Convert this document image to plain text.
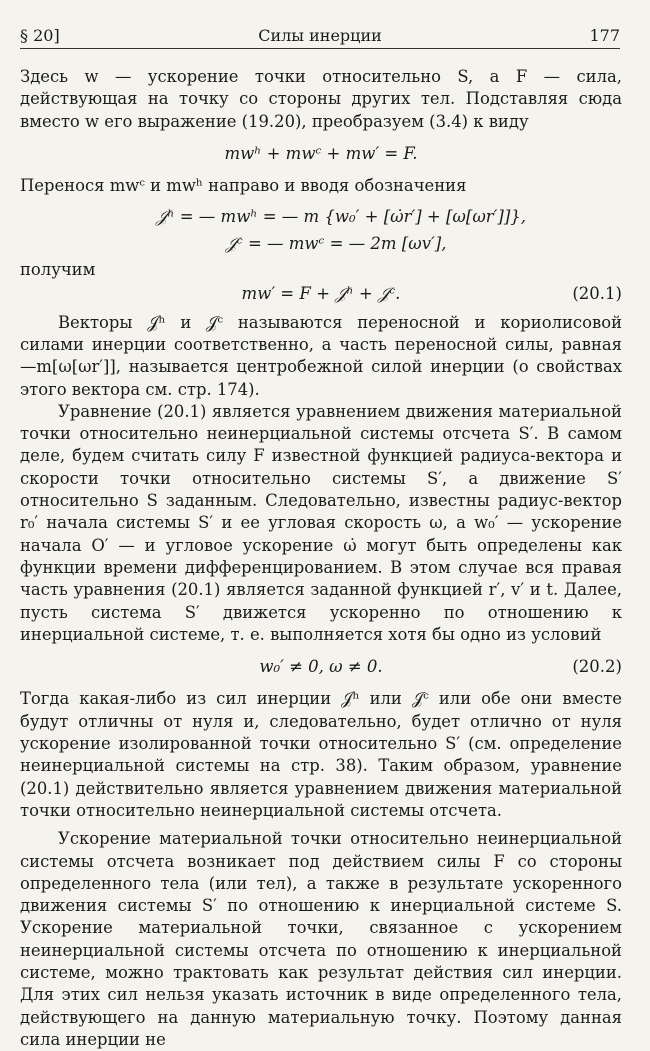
§ 20]	Силы инерции	177

Здесь w — ускорение точки относительно S, а F — сила, действующая на точку со стороны других тел. Подставляя сюда вместо w его выражение (19.20), преобразуем (3.4) к виду

mwʰ + mwᶜ + mw′ = F.

Перенося mwᶜ и mwʰ направо и вводя обозначения

𝒥ʰ = — mwʰ = — m {w₀′ + [ω̇r′] + [ω[ωr′]]},
𝒥ᶜ = — mwᶜ = — 2m [ωv′],

получим

mw′ = F + 𝒥ʰ + 𝒥ᶜ.	(20.1)

Векторы 𝒥ʰ и 𝒥ᶜ называются переносной и кориолисовой силами инерции соответственно, а часть переносной силы, равная —m[ω[ωr′]], называется центробежной силой инерции (о свойствах этого вектора см. стр. 174).

Уравнение (20.1) является уравнением движения материальной точки относительно неинерциальной системы отсчета S′. В самом деле, будем считать силу F известной функцией радиуса-вектора и скорости точки относительно системы S′, а движение S′ относительно S заданным. Следовательно, известны радиус-вектор r₀′ начала системы S′ и ее угловая скорость ω, а w₀′ — ускорение начала O′ — и угловое ускорение ω̇ могут быть определены как функции времени дифференцированием. В этом случае вся правая часть уравнения (20.1) является заданной функцией r′, v′ и t. Далее, пусть система S′ движется ускоренно по отношению к инерциальной системе, т. е. выполняется хотя бы одно из условий

w₀′ ≠ 0, ω ≠ 0.	(20.2)

Тогда какая-либо из сил инерции 𝒥ʰ или 𝒥ᶜ или обе они вместе будут отличны от нуля и, следовательно, будет отлично от нуля ускорение изолированной точки относительно S′ (см. определение неинерциальной системы на стр. 38). Таким образом, уравнение (20.1) действительно является уравнением движения материальной точки относительно неинерциальной системы отсчета.

Ускорение материальной точки относительно неинерциальной системы отсчета возникает под действием силы F со стороны определенного тела (или тел), а также в результате ускоренного движения системы S′ по отношению к инерциальной системе S. Ускорение материальной точки, связанное с ускорением неинерциальной системы отсчета по отношению к инерциальной системе, можно трактовать как результат действия сил инерции. Для этих сил нельзя указать источник в виде определенного тела, действующего на данную материальную точку. Поэтому данная сила инерции не
